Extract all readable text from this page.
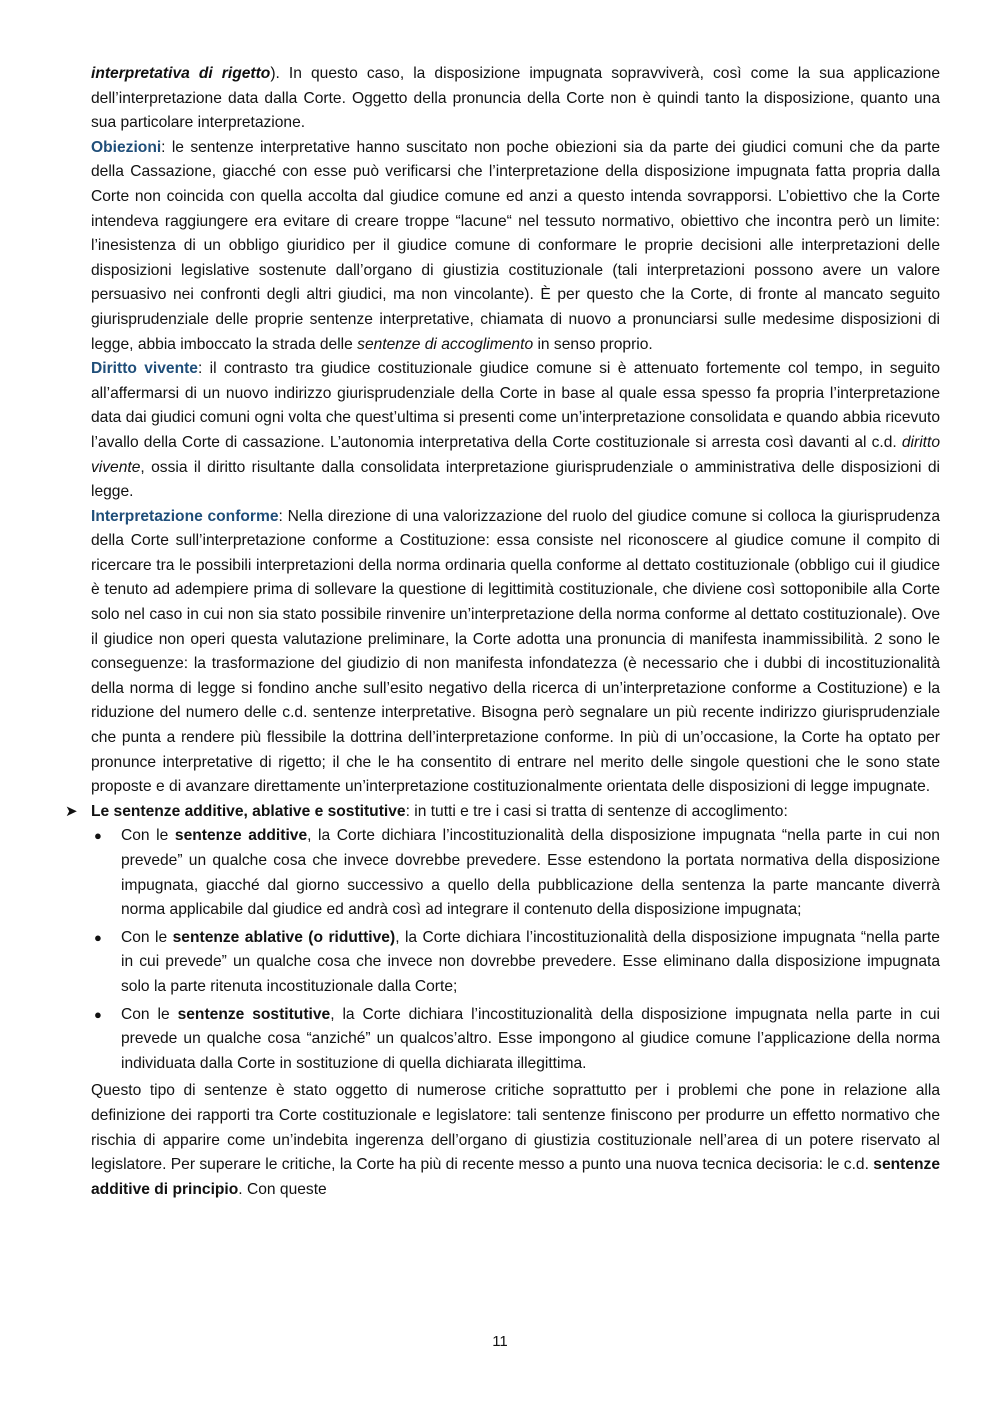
interpretativa di rigetto). In questo caso, la disposizione impugnata sopravviverà, così come la sua applicazione dell’interpretazione data dalla Corte. Oggetto della pronuncia della Corte non è quindi tanto la disposizione, quanto una sua particolare interpretazione.

Obiezioni: le sentenze interpretative hanno suscitato non poche obiezioni sia da parte dei giudici comuni che da parte della Cassazione, giacché con esse può verificarsi che l’interpretazione della disposizione impugnata fatta propria dalla Corte non coincida con quella accolta dal giudice comune ed anzi a questo intenda sovrapporsi. L’obiettivo che la Corte intendeva raggiungere era evitare di creare troppe “lacune“ nel tessuto normativo, obiettivo che incontra però un limite: l’inesistenza di un obbligo giuridico per il giudice comune di conformare le proprie decisioni alle interpretazioni delle disposizioni legislative sostenute dall’organo di giustizia costituzionale (tali interpretazioni possono avere un valore persuasivo nei confronti degli altri giudici, ma non vincolante). È per questo che la Corte, di fronte al mancato seguito giurisprudenziale delle proprie sentenze interpretative, chiamata di nuovo a pronunciarsi sulle medesime disposizioni di legge, abbia imboccato la strada delle sentenze di accoglimento in senso proprio.

Diritto vivente: il contrasto tra giudice costituzionale giudice comune si è attenuato fortemente col tempo, in seguito all’affermarsi di un nuovo indirizzo giurisprudenziale della Corte in base al quale essa spesso fa propria l’interpretazione data dai giudici comuni ogni volta che quest’ultima si presenti come un’interpretazione consolidata e quando abbia ricevuto l’avallo della Corte di cassazione. L’autonomia interpretativa della Corte costituzionale si arresta così davanti al c.d. diritto vivente, ossia il diritto risultante dalla consolidata interpretazione giurisprudenziale o amministrativa delle disposizioni di legge.

Interpretazione conforme: Nella direzione di una valorizzazione del ruolo del giudice comune si colloca la giurisprudenza della Corte sull’interpretazione conforme a Costituzione: essa consiste nel riconoscere al giudice comune il compito di ricercare tra le possibili interpretazioni della norma ordinaria quella conforme al dettato costituzionale (obbligo cui il giudice è tenuto ad adempiere prima di sollevare la questione di legittimità costituzionale, che diviene così sottoponibile alla Corte solo nel caso in cui non sia stato possibile rinvenire un’interpretazione della norma conforme al dettato costituzionale). Ove il giudice non operi questa valutazione preliminare, la Corte adotta una pronuncia di manifesta inammissibilità. 2 sono le conseguenze: la trasformazione del giudizio di non manifesta infondatezza (è necessario che i dubbi di incostituzionalità della norma di legge si fondino anche sull’esito negativo della ricerca di un’interpretazione conforme a Costituzione) e la riduzione del numero delle c.d. sentenze interpretative. Bisogna però segnalare un più recente indirizzo giurisprudenziale che punta a rendere più flessibile la dottrina dell’interpretazione conforme. In più di un’occasione, la Corte ha optato per pronunce interpretative di rigetto; il che le ha consentito di entrare nel merito delle singole questioni che le sono state proposte e di avanzare direttamente un’interpretazione costituzionalmente orientata delle disposizioni di legge impugnate.

➤ Le sentenze additive, ablative e sostitutive: in tutti e tre i casi si tratta di sentenze di accoglimento:

● Con le sentenze additive, la Corte dichiara l’incostituzionalità della disposizione impugnata “nella parte in cui non prevede” un qualche cosa che invece dovrebbe prevedere. Esse estendono la portata normativa della disposizione impugnata, giacché dal giorno successivo a quello della pubblicazione della sentenza la parte mancante diverrà norma applicabile dal giudice ed andrà così ad integrare il contenuto della disposizione impugnata;
● Con le sentenze ablative (o riduttive), la Corte dichiara l’incostituzionalità della disposizione impugnata “nella parte in cui prevede” un qualche cosa che invece non dovrebbe prevedere. Esse eliminano dalla disposizione impugnata solo la parte ritenuta incostituzionale dalla Corte;
● Con le sentenze sostitutive, la Corte dichiara l’incostituzionalità della disposizione impugnata nella parte in cui prevede un qualche cosa “anziché” un qualcos’altro. Esse impongono al giudice comune l’applicazione della norma individuata dalla Corte in sostituzione di quella dichiarata illegittima.

Questo tipo di sentenze è stato oggetto di numerose critiche soprattutto per i problemi che pone in relazione alla definizione dei rapporti tra Corte costituzionale e legislatore: tali sentenze finiscono per produrre un effetto normativo che rischia di apparire come un’indebita ingerenza dell’organo di giustizia costituzionale nell’area di un potere riservato al legislatore. Per superare le critiche, la Corte ha più di recente messo a punto una nuova tecnica decisoria: le c.d. sentenze additive di principio. Con queste

11
